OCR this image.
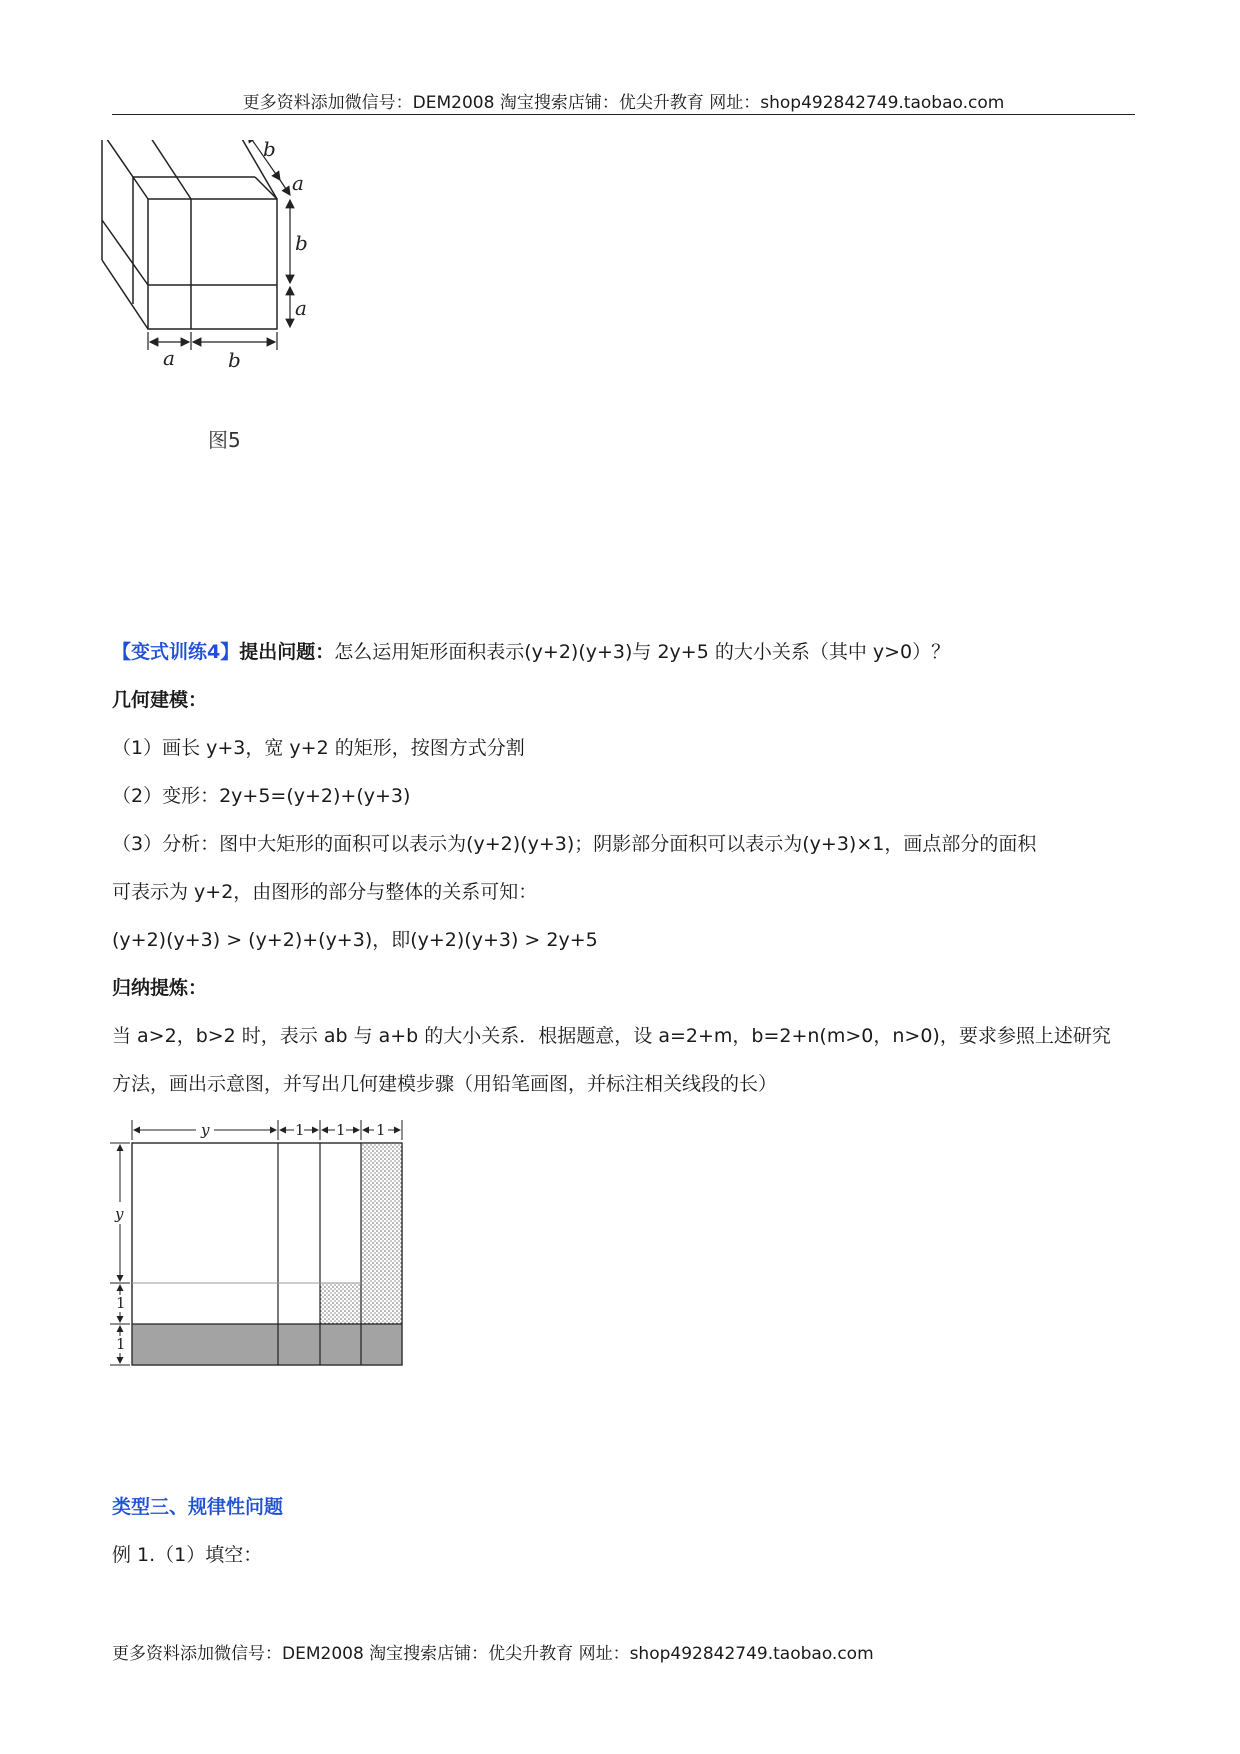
更多资料添加微信号：DEM2008 淘宝搜索店铺：优尖升教育 网址：shop492842749.taobao.com
b
a
b
a
a	b
图5
【变式训练4】提出问题：怎么运用矩形面积表示(y+2)(y+3)与 2y+5 的大小关系（其中 y>0）？
几何建模：
（1）画长 y+3，宽 y+2 的矩形，按图方式分割
（2）变形：2y+5=(y+2)+(y+3)
（3）分析：图中大矩形的面积可以表示为(y+2)(y+3)；阴影部分面积可以表示为(y+3)×1，画点部分的面积
可表示为 y+2，由图形的部分与整体的关系可知：
(y+2)(y+3) > (y+2)+(y+3)，即(y+2)(y+3) > 2y+5
归纳提炼：
当 a>2，b>2 时，表示 ab 与 a+b 的大小关系．根据题意，设 a=2+m，b=2+n(m>0，n>0)，要求参照上述研究
方法，画出示意图，并写出几何建模步骤（用铅笔画图，并标注相关线段的长）
y	1 1 1
y
1
1
类型三、规律性问题
例 1.（1）填空：
更多资料添加微信号：DEM2008 淘宝搜索店铺：优尖升教育 网址：shop492842749.taobao.com
